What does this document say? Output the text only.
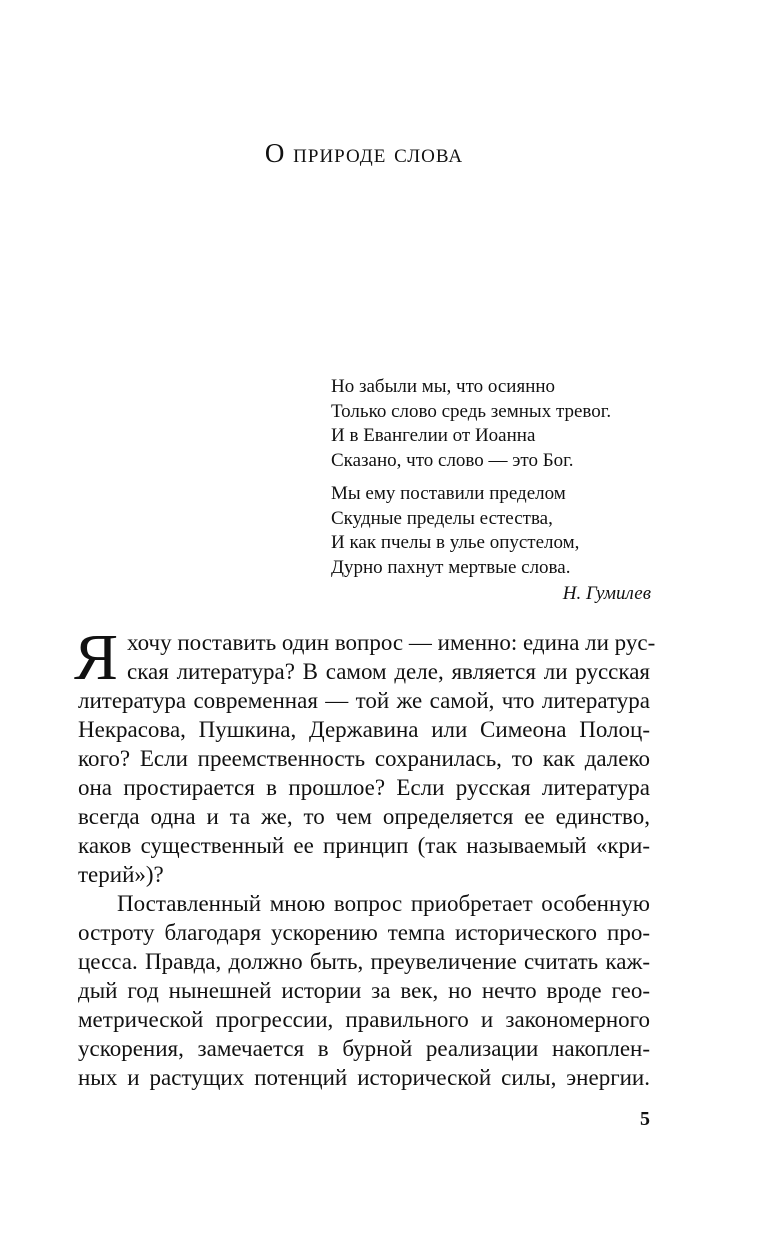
О природе слова
Но забыли мы, что осиянно
Только слово средь земных тревог.
И в Евангелии от Иоанна
Сказано, что слово — это Бог.
Мы ему поставили пределом
Скудные пределы естества,
И как пчелы в улье опустелом,
Дурно пахнут мертвые слова.
Н. Гумилев
Я хочу поставить один вопрос — именно: едина ли рус-
ская литература? В самом деле, является ли русская
литература современная — той же самой, что литература
Некрасова, Пушкина, Державина или Симеона Полоц-
кого? Если преемственность сохранилась, то как далеко
она простирается в прошлое? Если русская литература
всегда одна и та же, то чем определяется ее единство,
каков существенный ее принцип (так называемый «кри-
терий»)?

Поставленный мною вопрос приобретает особенную
остроту благодаря ускорению темпа исторического про-
цесса. Правда, должно быть, преувеличение считать каж-
дый год нынешней истории за век, но нечто вроде гео-
метрической прогрессии, правильного и закономерного
ускорения, замечается в бурной реализации накоплен-
ных и растущих потенций исторической силы, энергии.

5
